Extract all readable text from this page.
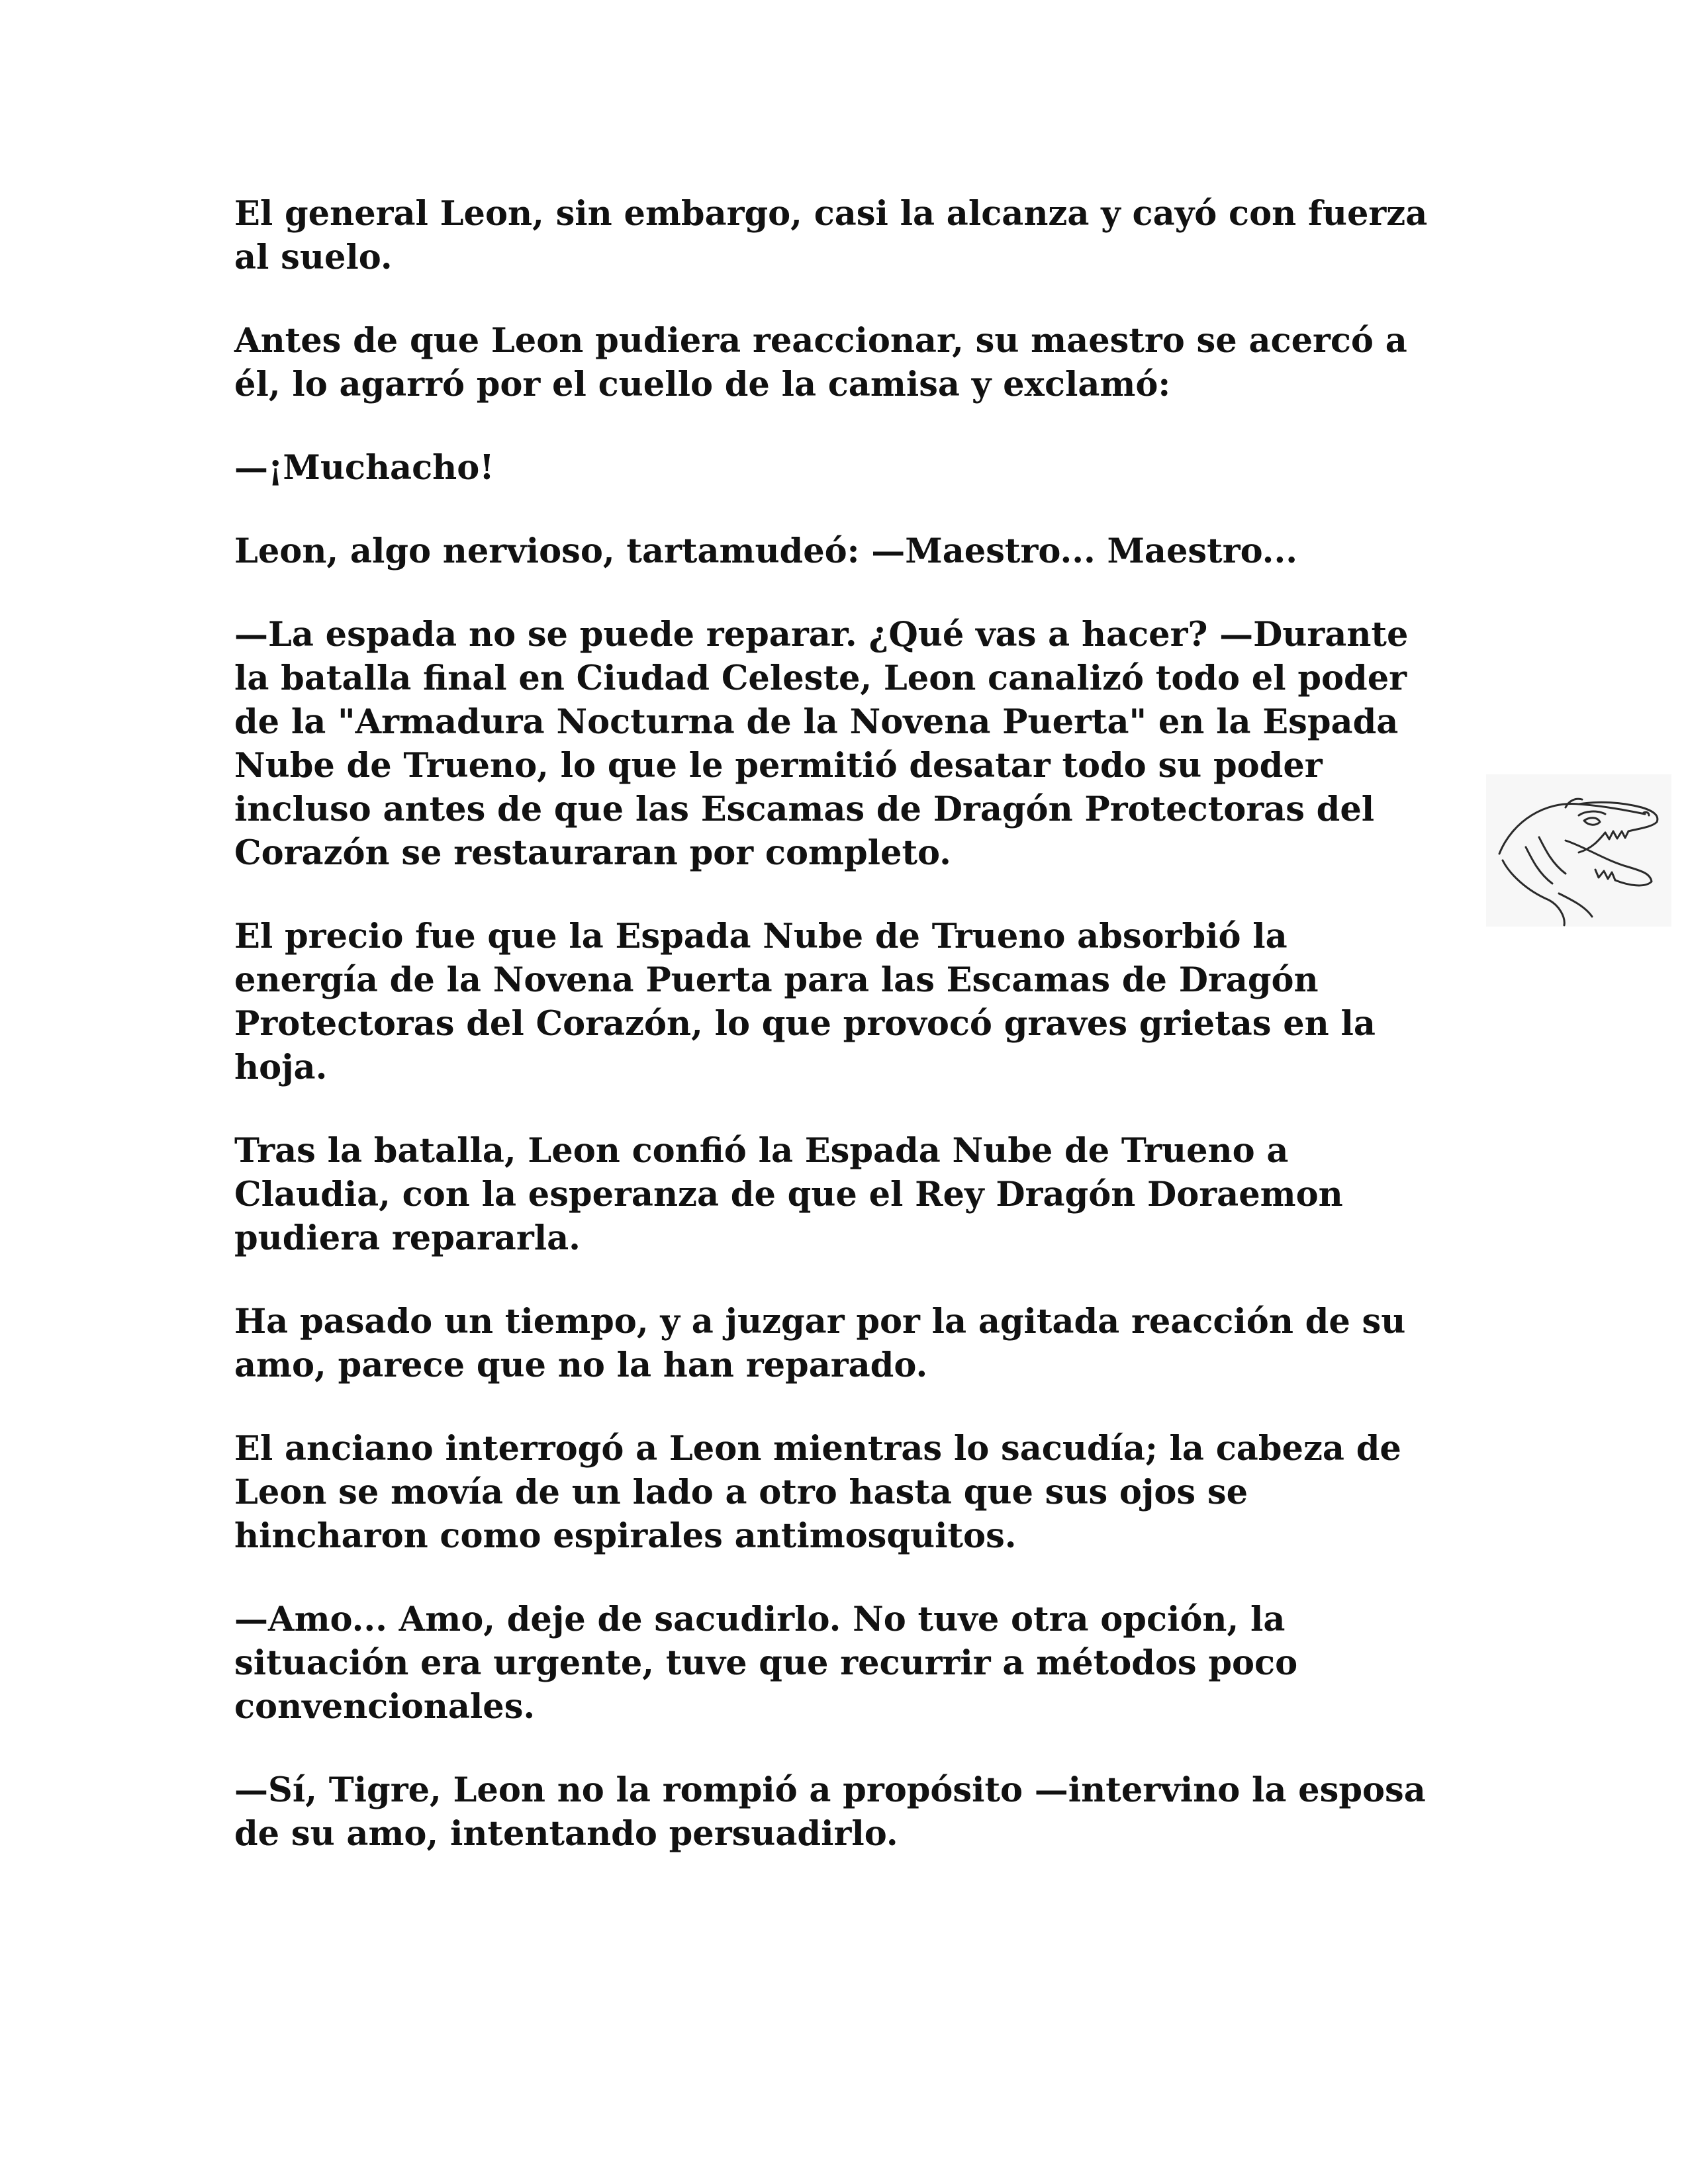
El general Leon, sin embargo, casi la alcanza y cayó con fuerza
al suelo.

Antes de que Leon pudiera reaccionar, su maestro se acercó a
él, lo agarró por el cuello de la camisa y exclamó:

—¡Muchacho!

Leon, algo nervioso, tartamudeó: —Maestro... Maestro...

—La espada no se puede reparar. ¿Qué vas a hacer? —Durante
la batalla final en Ciudad Celeste, Leon canalizó todo el poder
de la "Armadura Nocturna de la Novena Puerta" en la Espada
Nube de Trueno, lo que le permitió desatar todo su poder
incluso antes de que las Escamas de Dragón Protectoras del
Corazón se restauraran por completo.

El precio fue que la Espada Nube de Trueno absorbió la
energía de la Novena Puerta para las Escamas de Dragón
Protectoras del Corazón, lo que provocó graves grietas en la
hoja.

Tras la batalla, Leon confió la Espada Nube de Trueno a
Claudia, con la esperanza de que el Rey Dragón Doraemon
pudiera repararla.

Ha pasado un tiempo, y a juzgar por la agitada reacción de su
amo, parece que no la han reparado.

El anciano interrogó a Leon mientras lo sacudía; la cabeza de
Leon se movía de un lado a otro hasta que sus ojos se
hincharon como espirales antimosquitos.

—Amo... Amo, deje de sacudirlo. No tuve otra opción, la
situación era urgente, tuve que recurrir a métodos poco
convencionales.

—Sí, Tigre, Leon no la rompió a propósito —intervino la esposa
de su amo, intentando persuadirlo.
